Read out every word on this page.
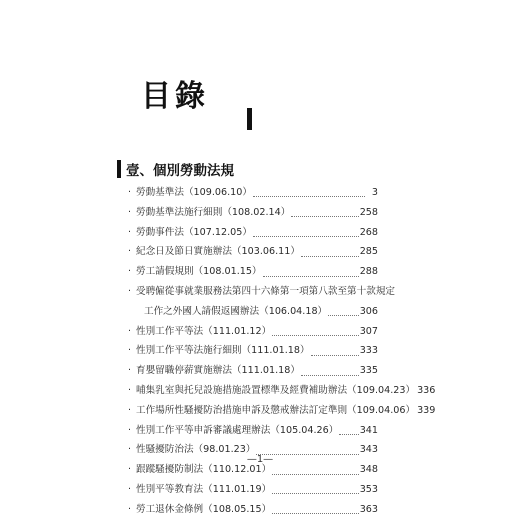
目錄
壹、個別勞動法規
· 勞動基準法（109.06.10）	3
· 勞動基準法施行細則（108.02.14）	258
· 勞動事件法（107.12.05）	268
· 紀念日及節日實施辦法（103.06.11）	285
· 勞工請假規則（108.01.15）	288
· 受聘僱從事就業服務法第四十六條第一項第八款至第十款規定
工作之外國人請假返國辦法（106.04.18）	306
· 性別工作平等法（111.01.12）	307
· 性別工作平等法施行細則（111.01.18）	333
· 育嬰留職停薪實施辦法（111.01.18）	335
· 哺集乳室與托兒設施措施設置標準及經費補助辦法（109.04.23） 336
· 工作場所性騷擾防治措施申訴及懲戒辦法訂定準則（109.04.06） 339
· 性別工作平等申訴審議處理辦法（105.04.26） 341
· 性騷擾防治法（98.01.23）	343
· 跟蹤騷擾防制法（110.12.01）	348
· 性別平等教育法（111.01.19）	353
· 勞工退休金條例（108.05.15）	363
—1—
